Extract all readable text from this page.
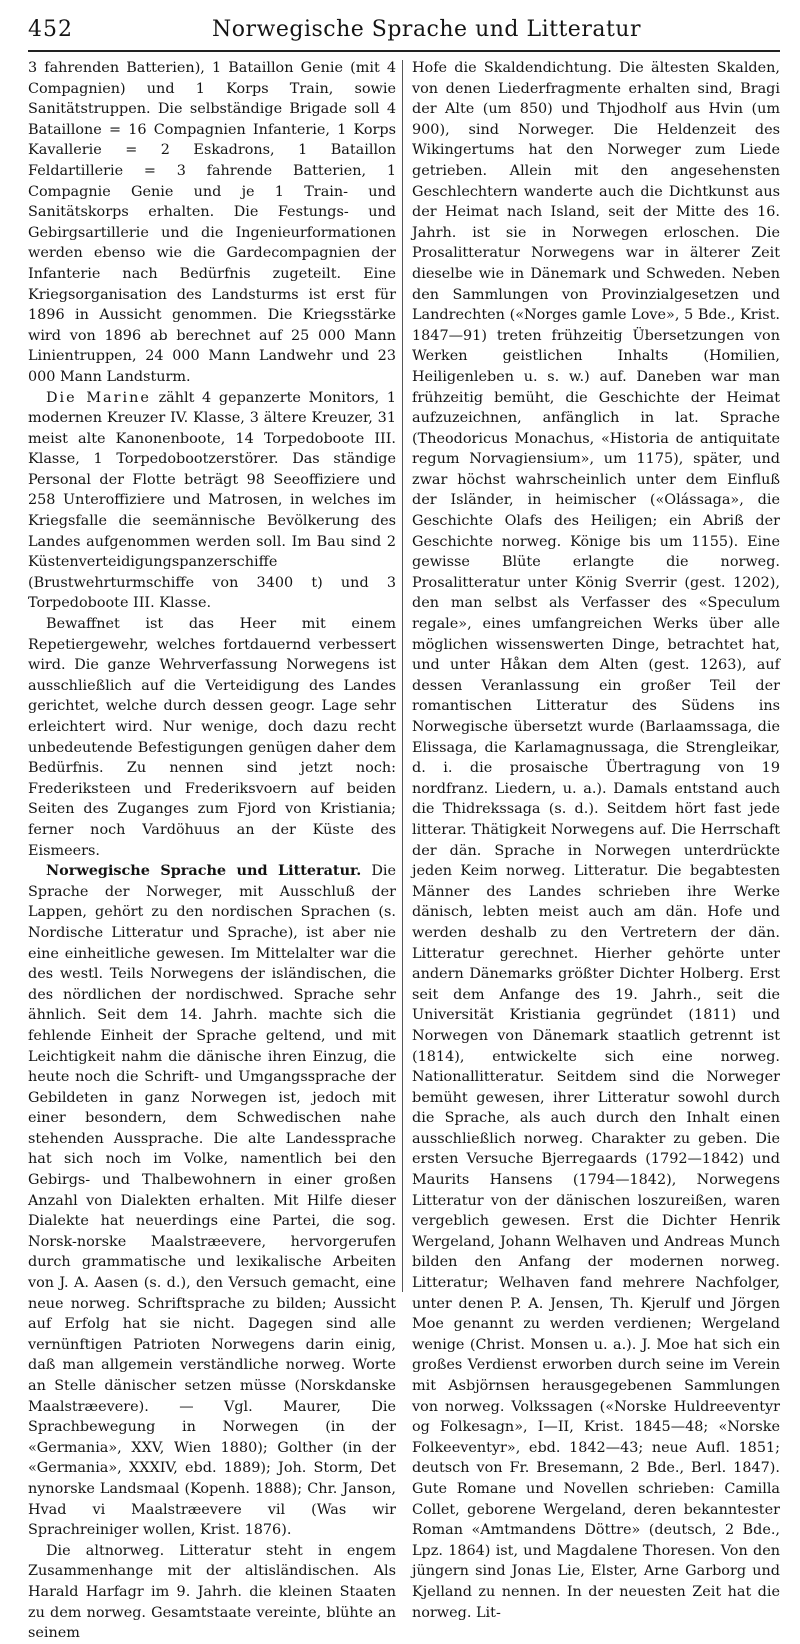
452	Norwegische Sprache und Litteratur

3 fahrenden Batterien), 1 Bataillon Genie (mit 4 Compagnien) und 1 Korps Train, sowie Sanitätstruppen. Die selbständige Brigade soll 4 Bataillone = 16 Compagnien Infanterie, 1 Korps Kavallerie = 2 Eskadrons, 1 Bataillon Feldartillerie = 3 fahrende Batterien, 1 Compagnie Genie und je 1 Train- und Sanitätskorps erhalten. Die Festungs- und Gebirgsartillerie und die Ingenieurformationen werden ebenso wie die Gardecompagnien der Infanterie nach Bedürfnis zugeteilt. Eine Kriegsorganisation des Landsturms ist erst für 1896 in Aussicht genommen. Die Kriegsstärke wird von 1896 ab berechnet auf 25 000 Mann Linientruppen, 24 000 Mann Landwehr und 23 000 Mann Landsturm.

Die Marine zählt 4 gepanzerte Monitors, 1 modernen Kreuzer IV. Klasse, 3 ältere Kreuzer, 31 meist alte Kanonenboote, 14 Torpedoboote III. Klasse, 1 Torpedobootzerstörer. Das ständige Personal der Flotte beträgt 98 Seeoffiziere und 258 Unteroffiziere und Matrosen, in welches im Kriegsfalle die seemännische Bevölkerung des Landes aufgenommen werden soll. Im Bau sind 2 Küstenverteidigungspanzerschiffe (Brustwehrturmschiffe von 3400 t) und 3 Torpedoboote III. Klasse.

Bewaffnet ist das Heer mit einem Repetiergewehr, welches fortdauernd verbessert wird. Die ganze Wehrverfassung Norwegens ist ausschließlich auf die Verteidigung des Landes gerichtet, welche durch dessen geogr. Lage sehr erleichtert wird. Nur wenige, doch dazu recht unbedeutende Befestigungen genügen daher dem Bedürfnis. Zu nennen sind jetzt noch: Frederiksteen und Frederiksvoern auf beiden Seiten des Zuganges zum Fjord von Kristiania; ferner noch Vardöhuus an der Küste des Eismeers.

Norwegische Sprache und Litteratur. Die Sprache der Norweger, mit Ausschluß der Lappen, gehört zu den nordischen Sprachen (s. Nordische Litteratur und Sprache), ist aber nie eine einheitliche gewesen. Im Mittelalter war die des westl. Teils Norwegens der isländischen, die des nördlichen der nordischwed. Sprache sehr ähnlich. Seit dem 14. Jahrh. machte sich die fehlende Einheit der Sprache geltend, und mit Leichtigkeit nahm die dänische ihren Einzug, die heute noch die Schrift- und Umgangssprache der Gebildeten in ganz Norwegen ist, jedoch mit einer besondern, dem Schwedischen nahe stehenden Aussprache. Die alte Landessprache hat sich noch im Volke, namentlich bei den Gebirgs- und Thalbewohnern in einer großen Anzahl von Dialekten erhalten. Mit Hilfe dieser Dialekte hat neuerdings eine Partei, die sog. Norsk-norske Maalstræevere, hervorgerufen durch grammatische und lexikalische Arbeiten von J. A. Aasen (s. d.), den Versuch gemacht, eine neue norweg. Schriftsprache zu bilden; Aussicht auf Erfolg hat sie nicht. Dagegen sind alle vernünftigen Patrioten Norwegens darin einig, daß man allgemein verständliche norweg. Worte an Stelle dänischer setzen müsse (Norskdanske Maalstræevere). — Vgl. Maurer, Die Sprachbewegung in Norwegen (in der «Germania», XXV, Wien 1880); Golther (in der «Germania», XXXIV, ebd. 1889); Joh. Storm, Det nynorske Landsmaal (Kopenh. 1888); Chr. Janson, Hvad vi Maalstræevere vil (Was wir Sprachreiniger wollen, Krist. 1876).

Die altnorweg. Litteratur steht in engem Zusammenhange mit der altisländischen. Als Harald Harfagr im 9. Jahrh. die kleinen Staaten zu dem norweg. Gesamtstaate vereinte, blühte an seinem

Hofe die Skaldendichtung. Die ältesten Skalden, von denen Liederfragmente erhalten sind, Bragi der Alte (um 850) und Thjodholf aus Hvin (um 900), sind Norweger. Die Heldenzeit des Wikingertums hat den Norweger zum Liede getrieben. Allein mit den angesehensten Geschlechtern wanderte auch die Dichtkunst aus der Heimat nach Island, seit der Mitte des 16. Jahrh. ist sie in Norwegen erloschen. Die Prosalitteratur Norwegens war in älterer Zeit dieselbe wie in Dänemark und Schweden. Neben den Sammlungen von Provinzialgesetzen und Landrechten («Norges gamle Love», 5 Bde., Krist. 1847—91) treten frühzeitig Übersetzungen von Werken geistlichen Inhalts (Homilien, Heiligenleben u. s. w.) auf. Daneben war man frühzeitig bemüht, die Geschichte der Heimat aufzuzeichnen, anfänglich in lat. Sprache (Theodoricus Monachus, «Historia de antiquitate regum Norvagiensium», um 1175), später, und zwar höchst wahrscheinlich unter dem Einfluß der Isländer, in heimischer («Olássaga», die Geschichte Olafs des Heiligen; ein Abriß der Geschichte norweg. Könige bis um 1155). Eine gewisse Blüte erlangte die norweg. Prosalitteratur unter König Sverrir (gest. 1202), den man selbst als Verfasser des «Speculum regale», eines umfangreichen Werks über alle möglichen wissenswerten Dinge, betrachtet hat, und unter Håkan dem Alten (gest. 1263), auf dessen Veranlassung ein großer Teil der romantischen Litteratur des Südens ins Norwegische übersetzt wurde (Barlaamssaga, die Elissaga, die Karlamagnussaga, die Strengleikar, d. i. die prosaische Übertragung von 19 nordfranz. Liedern, u. a.). Damals entstand auch die Thidrekssaga (s. d.). Seitdem hört fast jede litterar. Thätigkeit Norwegens auf. Die Herrschaft der dän. Sprache in Norwegen unterdrückte jeden Keim norweg. Litteratur. Die begabtesten Männer des Landes schrieben ihre Werke dänisch, lebten meist auch am dän. Hofe und werden deshalb zu den Vertretern der dän. Litteratur gerechnet. Hierher gehörte unter andern Dänemarks größter Dichter Holberg. Erst seit dem Anfange des 19. Jahrh., seit die Universität Kristiania gegründet (1811) und Norwegen von Dänemark staatlich getrennt ist (1814), entwickelte sich eine norweg. Nationallitteratur. Seitdem sind die Norweger bemüht gewesen, ihrer Litteratur sowohl durch die Sprache, als auch durch den Inhalt einen ausschließlich norweg. Charakter zu geben. Die ersten Versuche Bjerregaards (1792—1842) und Maurits Hansens (1794—1842), Norwegens Litteratur von der dänischen loszureißen, waren vergeblich gewesen. Erst die Dichter Henrik Wergeland, Johann Welhaven und Andreas Munch bilden den Anfang der modernen norweg. Litteratur; Welhaven fand mehrere Nachfolger, unter denen P. A. Jensen, Th. Kjerulf und Jörgen Moe genannt zu werden verdienen; Wergeland wenige (Christ. Monsen u. a.). J. Moe hat sich ein großes Verdienst erworben durch seine im Verein mit Asbjörnsen herausgegebenen Sammlungen von norweg. Volkssagen («Norske Huldreeventyr og Folkesagn», I—II, Krist. 1845—48; «Norske Folkeeventyr», ebd. 1842—43; neue Aufl. 1851; deutsch von Fr. Bresemann, 2 Bde., Berl. 1847). Gute Romane und Novellen schrieben: Camilla Collet, geborene Wergeland, deren bekanntester Roman «Amtmandens Döttre» (deutsch, 2 Bde., Lpz. 1864) ist, und Magdalene Thoresen. Von den jüngern sind Jonas Lie, Elster, Arne Garborg und Kjelland zu nennen. In der neuesten Zeit hat die norweg. Lit-
